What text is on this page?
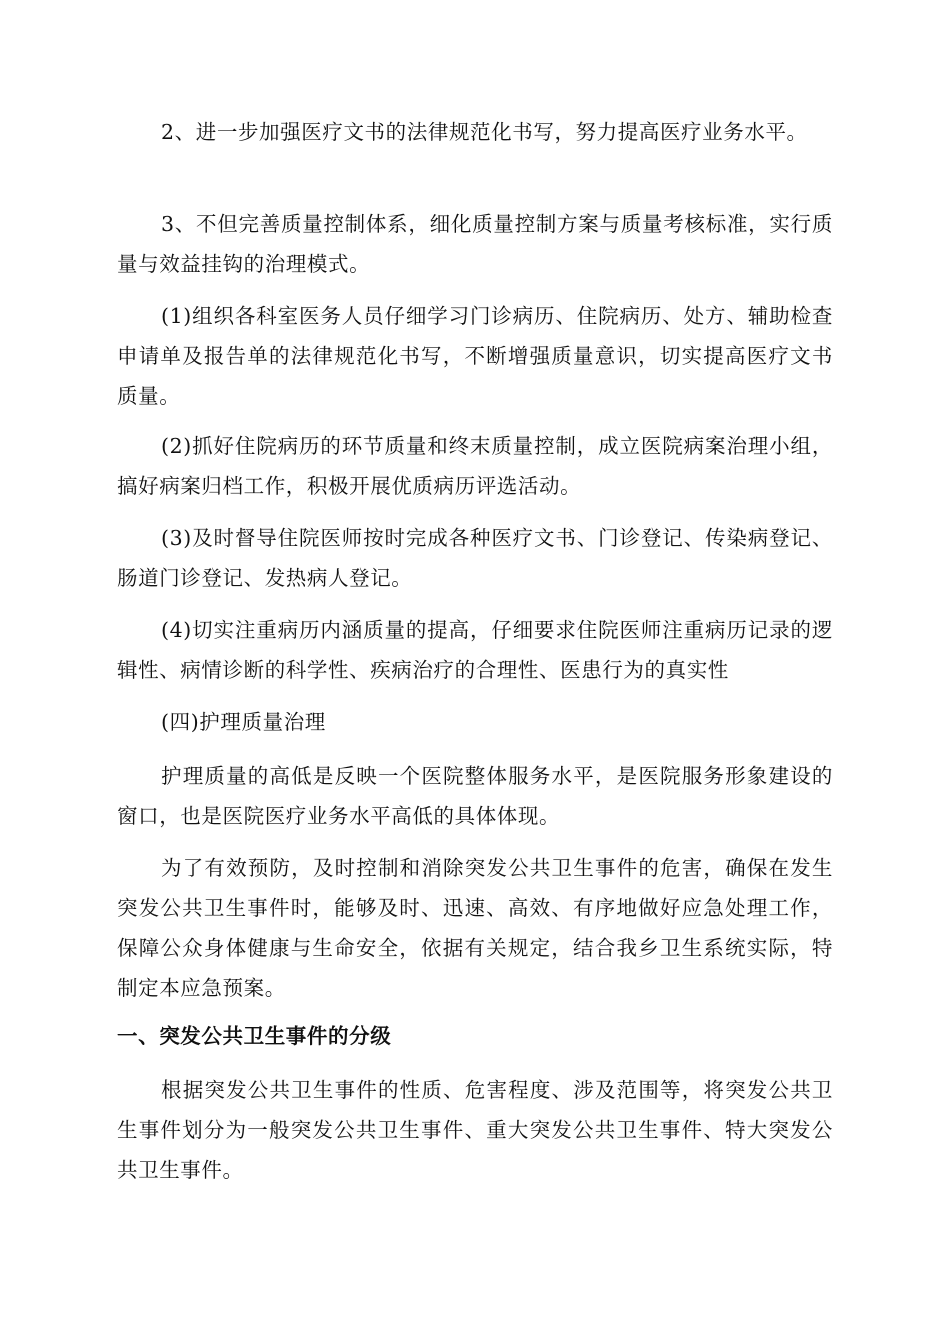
2、进一步加强医疗文书的法律规范化书写，努力提高医疗业务水平。

3、不但完善质量控制体系，细化质量控制方案与质量考核标准，实行质量与效益挂钩的治理模式。

(1)组织各科室医务人员仔细学习门诊病历、住院病历、处方、辅助检查申请单及报告单的法律规范化书写，不断增强质量意识，切实提高医疗文书质量。

(2)抓好住院病历的环节质量和终末质量控制，成立医院病案治理小组，搞好病案归档工作，积极开展优质病历评选活动。

(3)及时督导住院医师按时完成各种医疗文书、门诊登记、传染病登记、肠道门诊登记、发热病人登记。

(4)切实注重病历内涵质量的提高，仔细要求住院医师注重病历记录的逻辑性、病情诊断的科学性、疾病治疗的合理性、医患行为的真实性

(四)护理质量治理

护理质量的高低是反映一个医院整体服务水平，是医院服务形象建设的窗口，也是医院医疗业务水平高低的具体体现。

为了有效预防，及时控制和消除突发公共卫生事件的危害，确保在发生突发公共卫生事件时，能够及时、迅速、高效、有序地做好应急处理工作，保障公众身体健康与生命安全，依据有关规定，结合我乡卫生系统实际，特制定本应急预案。

一、突发公共卫生事件的分级

根据突发公共卫生事件的性质、危害程度、涉及范围等，将突发公共卫生事件划分为一般突发公共卫生事件、重大突发公共卫生事件、特大突发公共卫生事件。
